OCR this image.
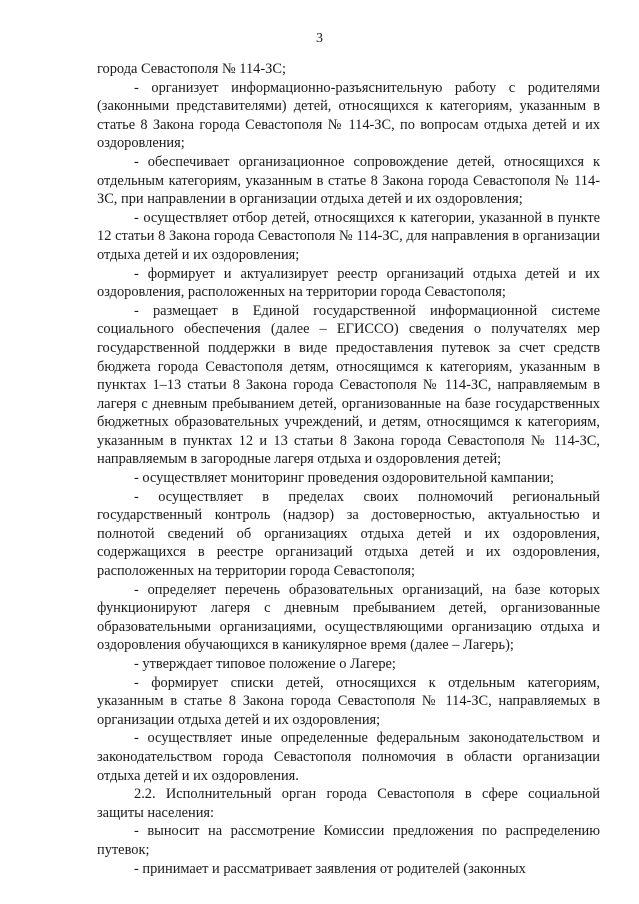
3

города Севастополя № 114-ЗС;

- организует информационно-разъяснительную работу с родителями (законными представителями) детей, относящихся к категориям, указанным в статье 8 Закона города Севастополя № 114-ЗС, по вопросам отдыха детей и их оздоровления;

- обеспечивает организационное сопровождение детей, относящихся к отдельным категориям, указанным в статье 8 Закона города Севастополя № 114-ЗС, при направлении в организации отдыха детей и их оздоровления;

- осуществляет отбор детей, относящихся к категории, указанной в пункте 12 статьи 8 Закона города Севастополя № 114-ЗС, для направления в организации отдыха детей и их оздоровления;

- формирует и актуализирует реестр организаций отдыха детей и их оздоровления, расположенных на территории города Севастополя;

- размещает в Единой государственной информационной системе социального обеспечения (далее – ЕГИССО) сведения о получателях мер государственной поддержки в виде предоставления путевок за счет средств бюджета города Севастополя детям, относящимся к категориям, указанным в пунктах 1–13 статьи 8 Закона города Севастополя № 114-ЗС, направляемым в лагеря с дневным пребыванием детей, организованные на базе государственных бюджетных образовательных учреждений, и детям, относящимся к категориям, указанным в пунктах 12 и 13 статьи 8 Закона города Севастополя № 114-ЗС, направляемым в загородные лагеря отдыха и оздоровления детей;

- осуществляет мониторинг проведения оздоровительной кампании;

- осуществляет в пределах своих полномочий региональный государственный контроль (надзор) за достоверностью, актуальностью и полнотой сведений об организациях отдыха детей и их оздоровления, содержащихся в реестре организаций отдыха детей и их оздоровления, расположенных на территории города Севастополя;

- определяет перечень образовательных организаций, на базе которых функционируют лагеря с дневным пребыванием детей, организованные образовательными организациями, осуществляющими организацию отдыха и оздоровления обучающихся в каникулярное время (далее – Лагерь);

- утверждает типовое положение о Лагере;

- формирует списки детей, относящихся к отдельным категориям, указанным в статье 8 Закона города Севастополя № 114-ЗС, направляемых в организации отдыха детей и их оздоровления;

- осуществляет иные определенные федеральным законодательством и законодательством города Севастополя полномочия в области организации отдыха детей и их оздоровления.

2.2. Исполнительный орган города Севастополя в сфере социальной защиты населения:

- выносит на рассмотрение Комиссии предложения по распределению путевок;

- принимает и рассматривает заявления от родителей (законных
